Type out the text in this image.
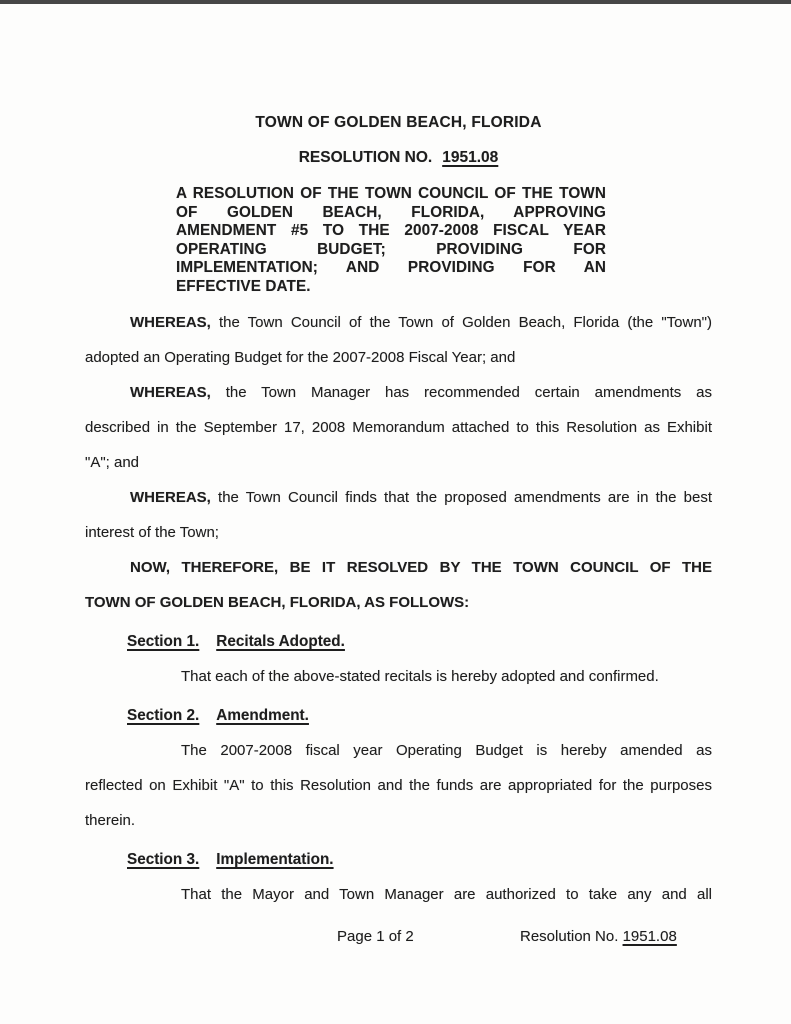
TOWN OF GOLDEN BEACH, FLORIDA
RESOLUTION NO. 1951.08
A RESOLUTION OF THE TOWN COUNCIL OF THE TOWN
OF GOLDEN BEACH, FLORIDA, APPROVING
AMENDMENT #5 TO THE 2007-2008 FISCAL YEAR
OPERATING BUDGET; PROVIDING FOR
IMPLEMENTATION; AND PROVIDING FOR AN
EFFECTIVE DATE.
WHEREAS, the Town Council of the Town of Golden Beach, Florida (the "Town")
adopted an Operating Budget for the 2007-2008 Fiscal Year; and
WHEREAS, the Town Manager has recommended certain amendments as
described in the September 17, 2008 Memorandum attached to this Resolution as Exhibit
"A"; and
WHEREAS, the Town Council finds that the proposed amendments are in the best
interest of the Town;
NOW, THEREFORE, BE IT RESOLVED BY THE TOWN COUNCIL OF THE
TOWN OF GOLDEN BEACH, FLORIDA, AS FOLLOWS:
Section 1. Recitals Adopted.
That each of the above-stated recitals is hereby adopted and confirmed.
Section 2. Amendment.
The 2007-2008 fiscal year Operating Budget is hereby amended as
reflected on Exhibit "A" to this Resolution and the funds are appropriated for the purposes
therein.
Section 3. Implementation.
That the Mayor and Town Manager are authorized to take any and all
Page 1 of 2	Resolution No. 1951.08
